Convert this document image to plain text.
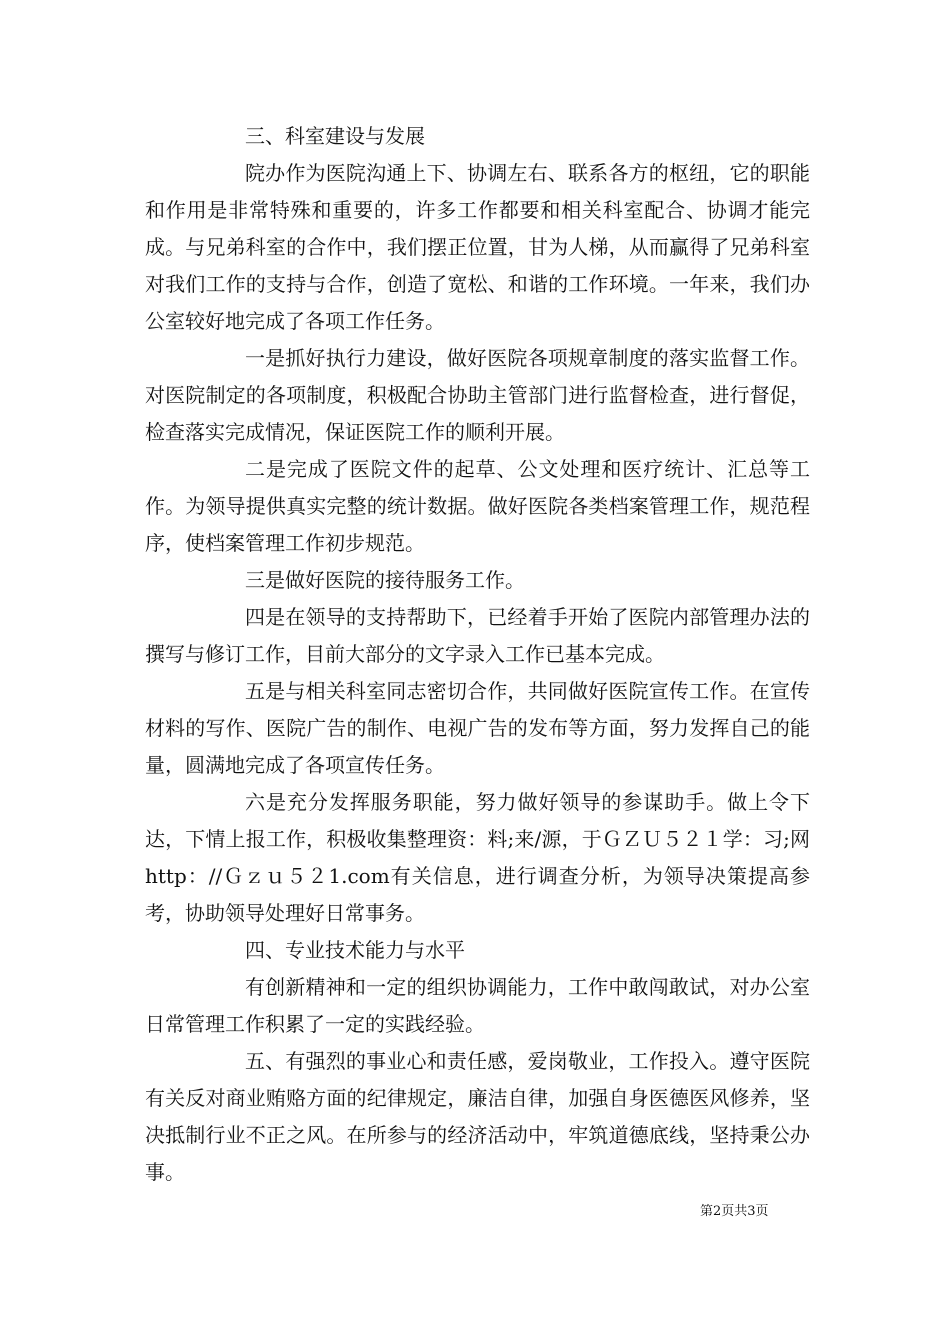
三、科室建设与发展

院办作为医院沟通上下、协调左右、联系各方的枢纽，它的职能和作用是非常特殊和重要的，许多工作都要和相关科室配合、协调才能完成。与兄弟科室的合作中，我们摆正位置，甘为人梯，从而赢得了兄弟科室对我们工作的支持与合作，创造了宽松、和谐的工作环境。一年来，我们办公室较好地完成了各项工作任务。

一是抓好执行力建设，做好医院各项规章制度的落实监督工作。对医院制定的各项制度，积极配合协助主管部门进行监督检查，进行督促，检查落实完成情况，保证医院工作的顺利开展。

二是完成了医院文件的起草、公文处理和医疗统计、汇总等工作。为领导提供真实完整的统计数据。做好医院各类档案管理工作，规范程序，使档案管理工作初步规范。

三是做好医院的接待服务工作。

四是在领导的支持帮助下，已经着手开始了医院内部管理办法的撰写与修订工作，目前大部分的文字录入工作已基本完成。

五是与相关科室同志密切合作，共同做好医院宣传工作。在宣传材料的写作、医院广告的制作、电视广告的发布等方面，努力发挥自己的能量，圆满地完成了各项宣传任务。

六是充分发挥服务职能，努力做好领导的参谋助手。做上令下达，下情上报工作，积极收集整理资：料;来/源，于ＧＺＵ５２１学：习;网http：//Ｇｚｕ５２1.com有关信息，进行调查分析，为领导决策提高参考，协助领导处理好日常事务。

四、专业技术能力与水平

有创新精神和一定的组织协调能力，工作中敢闯敢试，对办公室日常管理工作积累了一定的实践经验。

五、有强烈的事业心和责任感，爱岗敬业，工作投入。遵守医院有关反对商业贿赂方面的纪律规定，廉洁自律，加强自身医德医风修养，坚决抵制行业不正之风。在所参与的经济活动中，牢筑道德底线，坚持秉公办事。

第2页共3页
